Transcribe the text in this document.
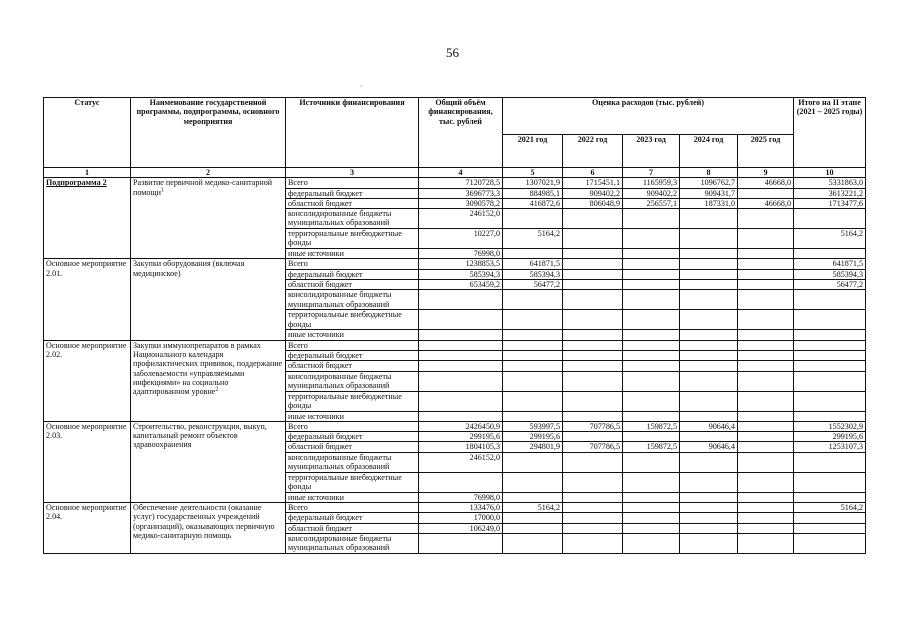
56
·
Статус	Наименование государственной программы, подпрограммы, основного мероприятия	Источники финансирования	Общий объём финансирования, тыс. рублей	Оценка расходов (тыс. рублей)					Итого на II этапе (2021 – 2025 годы)
				2021 год	2022 год	2023 год	2024 год	2025 год	
1	2	3	4	5	6	7	8	9	10
Подпрограмма 2	Развитие первичной медико-санитарной помощи$^1$	Всего	7120728,5	1307021,9	1715451,1	1165959,3	1096762,7	46668,0	5331863,0
		федеральный бюджет	3696773,3	884985,1	909402,2	909402,2	909431,7		3613221,2
		областной бюджет	3090578,2	416872,6	806048,9	256557,1	187331,0	46668,0	1713477,6
		консолидированные бюджеты муниципальных образований	246152,0						
		территориальные внебюджетные фонды	10227,0	5164,2					5164,2
		иные источники	76998,0						
Основное мероприятие 2.01.	Закупки оборудования (включая медицинское)	Всего	1238853,5	641871,5					641871,5
		федеральный бюджет	585394,3	585394,3					585394,3
		областной бюджет	653459,2	56477,2					56477,2
		консолидированные бюджеты муниципальных образований							
		территориальные внебюджетные фонды							
		иные источники							
Основное мероприятие 2.02.	Закупки иммунопрепаратов в рамках Национального календаря профилактических прививок, поддержание заболеваемости «управляемыми инфекциями» на социально адаптированном уровне$^2$	Всего							
		федеральный бюджет							
		областной бюджет							
		консолидированные бюджеты муниципальных образований							
		территориальные внебюджетные фонды							
		иные источники							
Основное мероприятие 2.03.	Строительство, реконструкция, выкуп, капитальный ремонт объектов здравоохранения	Всего	2426450,9	593997,5	707786,5	159872,5	90646,4		1552302,9
		федеральный бюджет	299195,6	299195,6					299195,6
		областной бюджет	1804105,3	294801,9	707786,5	159872,5	90646,4		1253107,3
		консолидированные бюджеты муниципальных образований	246152,0						
		территориальные внебюджетные фонды							
		иные источники	76998,0						
Основное мероприятие 2.04.	Обеспечение деятельности (оказание услуг) государственных учреждений (организаций), оказывающих первичную медико-санитарную помощь	Всего	133476,0	5164,2					5164,2
		федеральный бюджет	17000,0						
		областной бюджет	106249,0						
		консолидированные бюджеты муниципальных образований							
